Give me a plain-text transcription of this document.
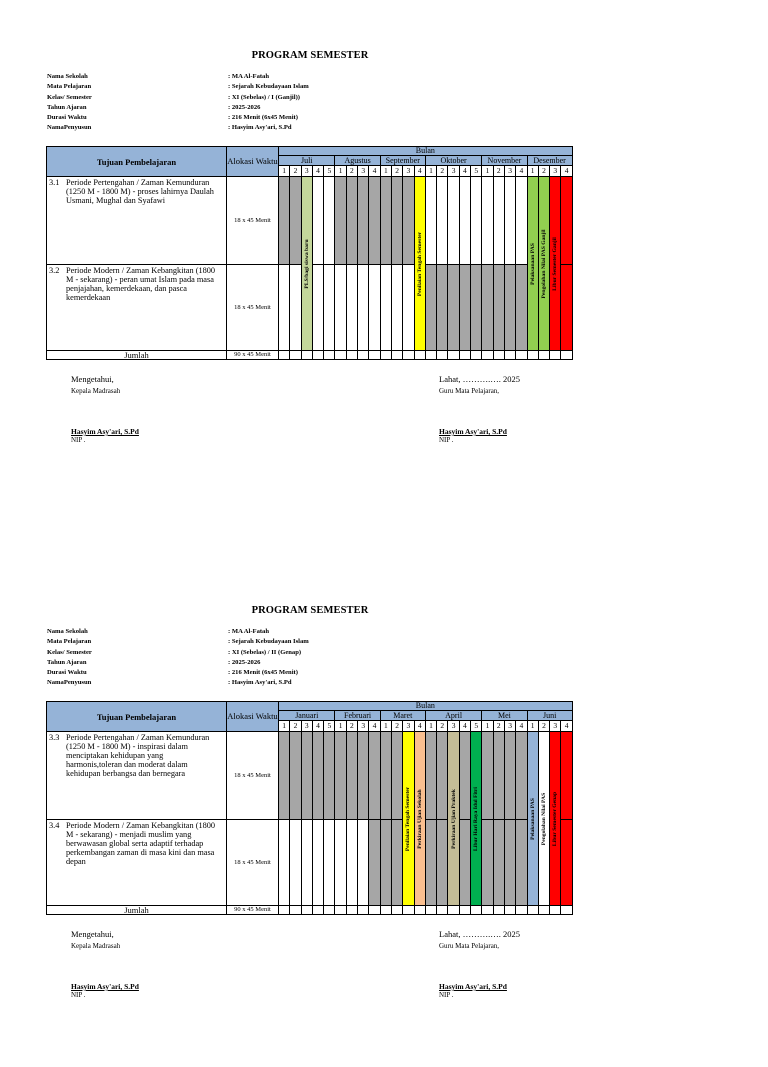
PROGRAM SEMESTER
Nama Sekolah	: MA Al-Fatah
Mata Pelajaran	: Sejarah Kebudayaan Islam
Kelas/ Semester	: XI (Sebelas) / I (Ganjil))
Tahun Ajaran	: 2025-2026
Durasi Waktu	: 216 Menit (6x45 Menit)
NamaPenyusun	: Hasyim Asy'ari, S.Pd
Tujuan Pembelajaran	Alokasi Waktu	Bulan																									
		Juli					Agustus				September				Oktober					November				Desember			
		1	2	3	4	5	1	2	3	4	1	2	3	4	1	2	3	4	5	1	2	3	4	1	2	3	4
3.1 Periode Pertengahan / Zaman Kemunduran (1250 M - 1800 M) - proses lahirnya Daulah Usmani, Mughal dan Syafawi	18 x 45 Menit			PLS/bagi siswa baru										Penilaian Tengah Semester										Pelaksanaan PAS	Pengolahan Nilai PAS Ganjil	Libur Semester Ganjil	

3.2 Periode Modern / Zaman Kebangkitan (1800 M - sekarang) - peran umat Islam pada masa penjajahan, kemerdekaan, dan pasca kemerdekaan	18 x 45 Menit																										
Jumlah	90 x 45 Menit																										
Mengetahui,
Kepala Madrasah
Hasyim Asy'ari, S.Pd
NIP .
Lahat, ……….…. 2025
Guru Mata Pelajaran,
Hasyim Asy'ari, S.Pd
NIP .
PROGRAM SEMESTER
Nama Sekolah	: MA Al-Fatah
Mata Pelajaran	: Sejarah Kebudayaan Islam
Kelas/ Semester	: XI (Sebelas) / II (Genap)
Tahun Ajaran	: 2025-2026
Durasi Waktu	: 216 Menit (6x45 Menit)
NamaPenyusun	: Hasyim Asy'ari, S.Pd
Tujuan Pembelajaran	Alokasi Waktu	Bulan																									
		Januari					Februari				Maret				April					Mei				Juni			
		1	2	3	4	5	1	2	3	4	1	2	3	4	1	2	3	4	5	1	2	3	4	1	2	3	4
3.3 Periode Pertengahan / Zaman Kemunduran (1250 M - 1800 M) - inspirasi dalam menciptakan kehidupan yang harmonis,toleran dan moderat dalam kehidupan berbangsa dan bernegara	18 x 45 Menit												Penilaian Tengah Semester	Perkiraan Ujian Sekolah			Perkiraan Ujian Praktek		Libur Hari Raya Idul Fitri					Pelaksanaan PAS	Pengolahan Nilai PAS	Libur Semester Genap	

3.4 Periode Modern / Zaman Kebangkitan (1800 M - sekarang) - menjadi muslim yang berwawasan global serta adaptif terhadap perkembangan zaman di masa kini dan masa depan	18 x 45 Menit																										
Jumlah	90 x 45 Menit																										
Mengetahui,
Kepala Madrasah
Hasyim Asy'ari, S.Pd
NIP .
Lahat, ……….…. 2025
Guru Mata Pelajaran,
Hasyim Asy'ari, S.Pd
NIP .
